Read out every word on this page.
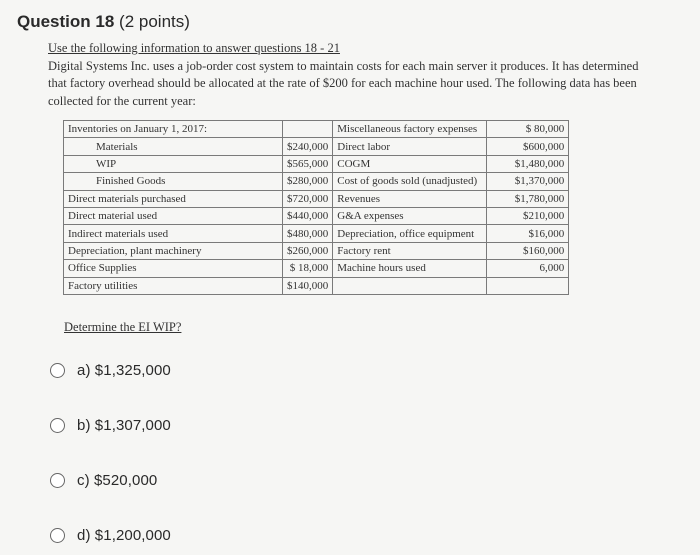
Question 18 (2 points)
Use the following information to answer questions 18 - 21
Digital Systems Inc. uses a job-order cost system to maintain costs for each main server it produces. It has determined that factory overhead should be allocated at the rate of $200 for each machine hour used. The following data has been collected for the current year:
Inventories on January 1, 2017:		Miscellaneous factory expenses	$ 80,000
Materials	$240,000	Direct labor	$600,000
WIP	$565,000	COGM	$1,480,000
Finished Goods	$280,000	Cost of goods sold (unadjusted)	$1,370,000
Direct materials purchased	$720,000	Revenues	$1,780,000
Direct material used	$440,000	G&A expenses	$210,000
Indirect materials used	$480,000	Depreciation, office equipment	$16,000
Depreciation, plant machinery	$260,000	Factory rent	$160,000
Office Supplies	$ 18,000	Machine hours used	6,000
Factory utilities	$140,000		
Determine the EI WIP?
a) $1,325,000
b) $1,307,000
c) $520,000
d) $1,200,000
